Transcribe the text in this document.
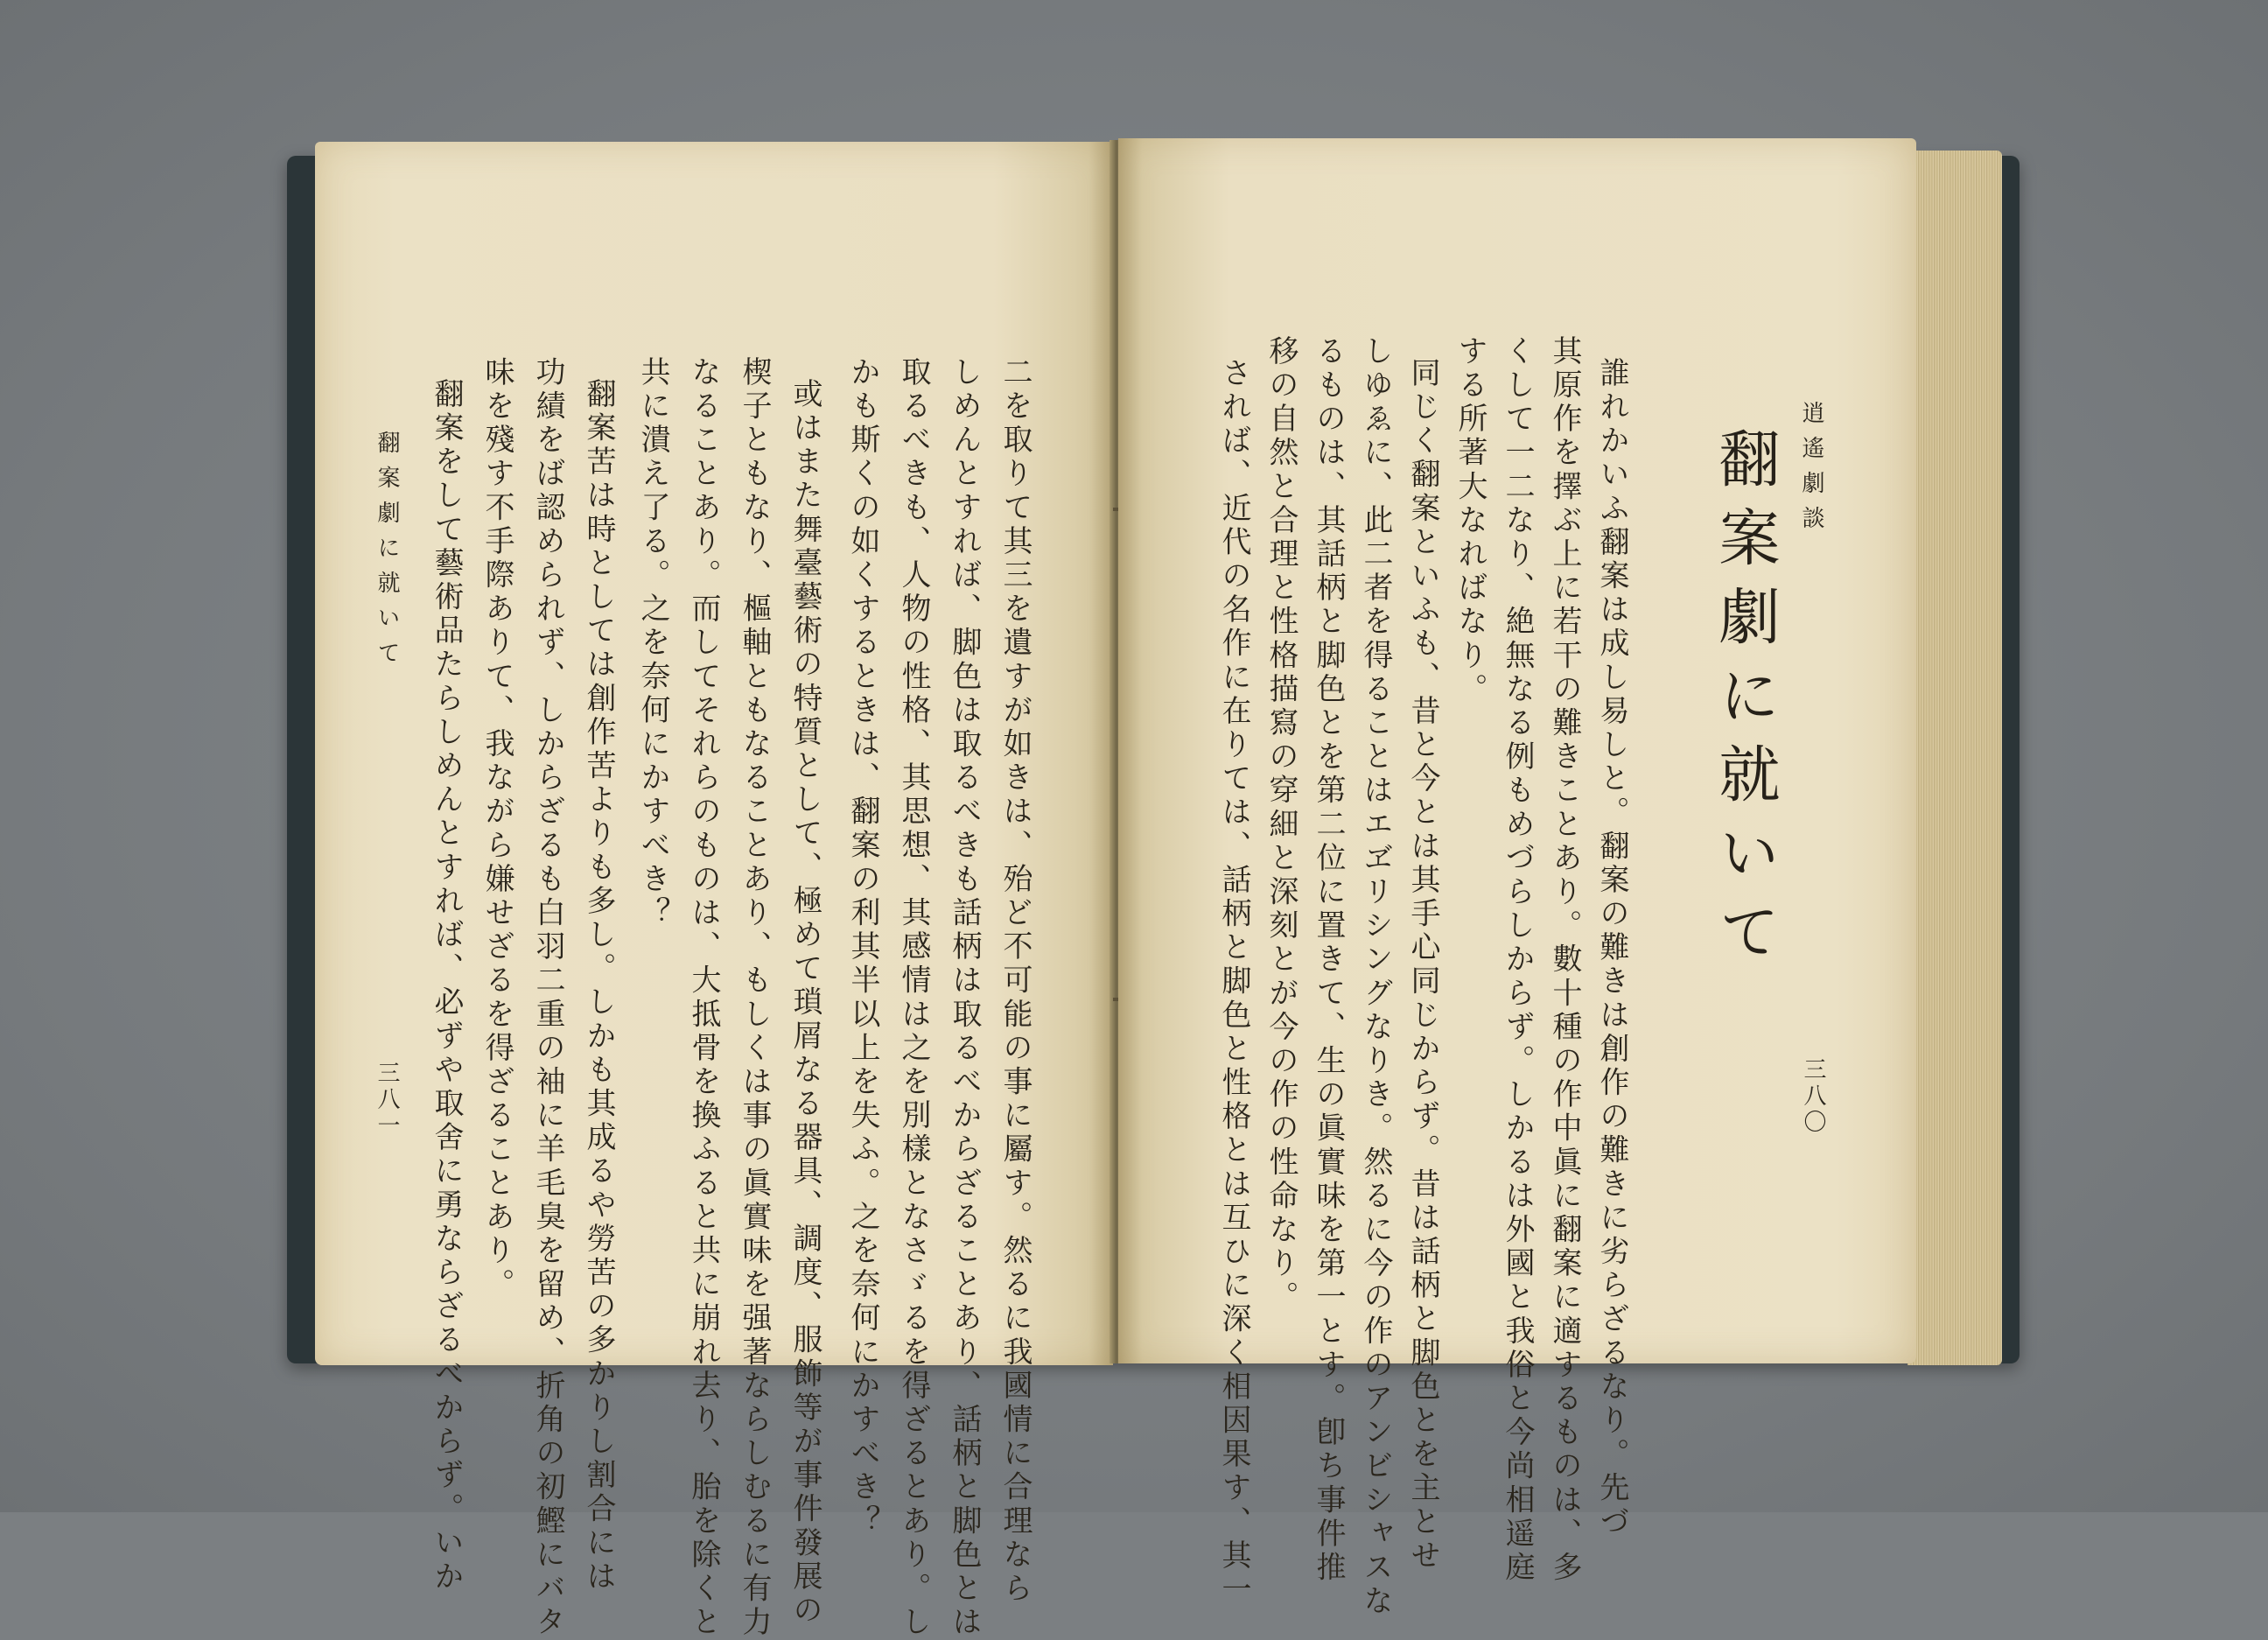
二を取りて其三を遺すが如きは、殆ど不可能の事に屬す。然るに我國情に合理なら
しめんとすれば、脚色は取るべきも話柄は取るべからざることあり、話柄と脚色とは
取るべきも、人物の性格、其思想、其感情は之を別樣となさゞるを得ざるとあり。し
かも斯くの如くするときは、翻案の利其半以上を失ふ。之を奈何にかすべき？
或はまた舞臺藝術の特質として、極めて瑣屑なる器具、調度、服飾等が事件發展の
楔子ともなり、樞軸ともなることあり、もしくは事の眞實味を强著ならしむるに有力
なることあり。而してそれらのものは、大抵骨を換ふると共に崩れ去り、胎を除くと
共に潰え了る。之を奈何にかすべき？
翻案苦は時としては創作苦よりも多し。しかも其成るや勞苦の多かりし割合には
功績をば認められず、しからざるも白羽二重の袖に羊毛臭を留め、折角の初鰹にバタ
味を殘す不手際ありて、我ながら嫌せざるを得ざることあり。
翻案をして藝術品たらしめんとすれば、必ずや取舍に勇ならざるべからず。いか
翻案劇に就いて
三八一
逍遙劇談
翻案劇に就いて
誰れかいふ翻案は成し易しと。翻案の難きは創作の難きに劣らざるなり。先づ
其原作を擇ぶ上に若干の難きことあり。數十種の作中眞に翻案に適するものは、多
くして一二なり、絶無なる例もめづらしからず。しかるは外國と我俗と今尚相遥庭
する所著大なればなり。
同じく翻案といふも、昔と今とは其手心同じからず。昔は話柄と脚色とを主とせ
しゆゑに、此二者を得ることはエヹリシングなりき。然るに今の作のアンビシャスな
るものは、其話柄と脚色とを第二位に置きて、生の眞實味を第一とす。卽ち事件推
移の自然と合理と性格描寫の穿細と深刻とが今の作の性命なり。
されば、近代の名作に在りては、話柄と脚色と性格とは互ひに深く相因果す、其一	三八〇
